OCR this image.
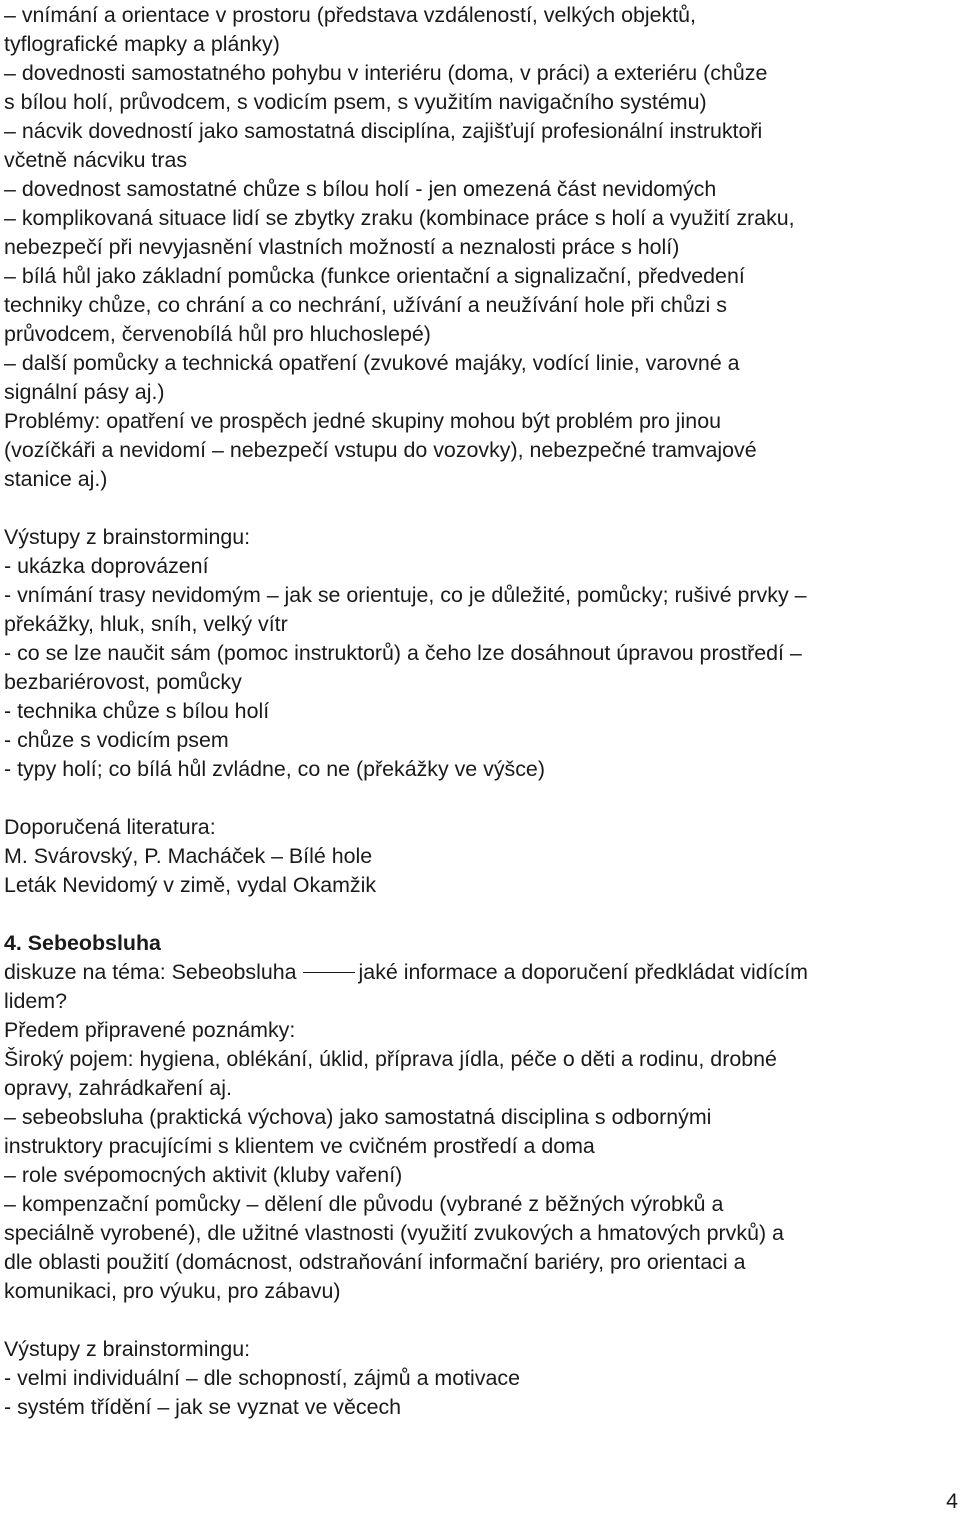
– vnímání a orientace v prostoru (představa vzdáleností, velkých objektů,
tyflografické mapky a plánky)
– dovednosti samostatného pohybu v interiéru (doma, v práci) a exteriéru (chůze
s bílou holí, průvodcem, s vodicím psem, s využitím navigačního systému)
– nácvik dovedností jako samostatná disciplína, zajišťují profesionální instruktoři
včetně nácviku tras
– dovednost samostatné chůze s bílou holí - jen omezená část nevidomých
– komplikovaná situace lidí se zbytky zraku (kombinace práce s holí a využití zraku,
nebezpečí při nevyjasnění vlastních možností a neznalosti práce s holí)
– bílá hůl jako základní pomůcka (funkce orientační a signalizační, předvedení
techniky chůze, co chrání a co nechrání, užívání a neužívání hole při chůzi s
průvodcem, červenobílá hůl pro hluchoslepé)
– další pomůcky a technická opatření (zvukové majáky, vodící linie, varovné a
signální pásy aj.)
Problémy: opatření ve prospěch jedné skupiny mohou být problém pro jinou
(vozíčkáři a nevidomí – nebezpečí vstupu do vozovky), nebezpečné tramvajové
stanice aj.)
Výstupy z brainstormingu:
- ukázka doprovázení
- vnímání trasy nevidomým – jak se orientuje, co je důležité, pomůcky; rušivé prvky –
překážky, hluk, sníh, velký vítr
- co se lze naučit sám (pomoc instruktorů) a čeho lze dosáhnout úpravou prostředí –
bezbariérovost, pomůcky
- technika chůze s bílou holí
- chůze s vodicím psem
- typy holí; co bílá hůl zvládne, co ne (překážky ve výšce)
Doporučená literatura:
M. Svárovský, P. Macháček – Bílé hole
Leták Nevidomý v zimě, vydal Okamžik
4. Sebeobsluha
diskuze na téma: Sebeobsluha	jaké informace a doporučení předkládat vidícím
lidem?
Předem připravené poznámky:
Široký pojem: hygiena, oblékání, úklid, příprava jídla, péče o děti a rodinu, drobné
opravy, zahrádkaření aj.
– sebeobsluha (praktická výchova) jako samostatná disciplina s odbornými
instruktory pracujícími s klientem ve cvičném prostředí a doma
– role svépomocných aktivit (kluby vaření)
– kompenzační pomůcky – dělení dle původu (vybrané z běžných výrobků a
speciálně vyrobené), dle užitné vlastnosti (využití zvukových a hmatových prvků) a
dle oblasti použití (domácnost, odstraňování informační bariéry, pro orientaci a
komunikaci, pro výuku, pro zábavu)
Výstupy z brainstormingu:
- velmi individuální – dle schopností, zájmů a motivace
- systém třídění – jak se vyznat ve věcech
4
